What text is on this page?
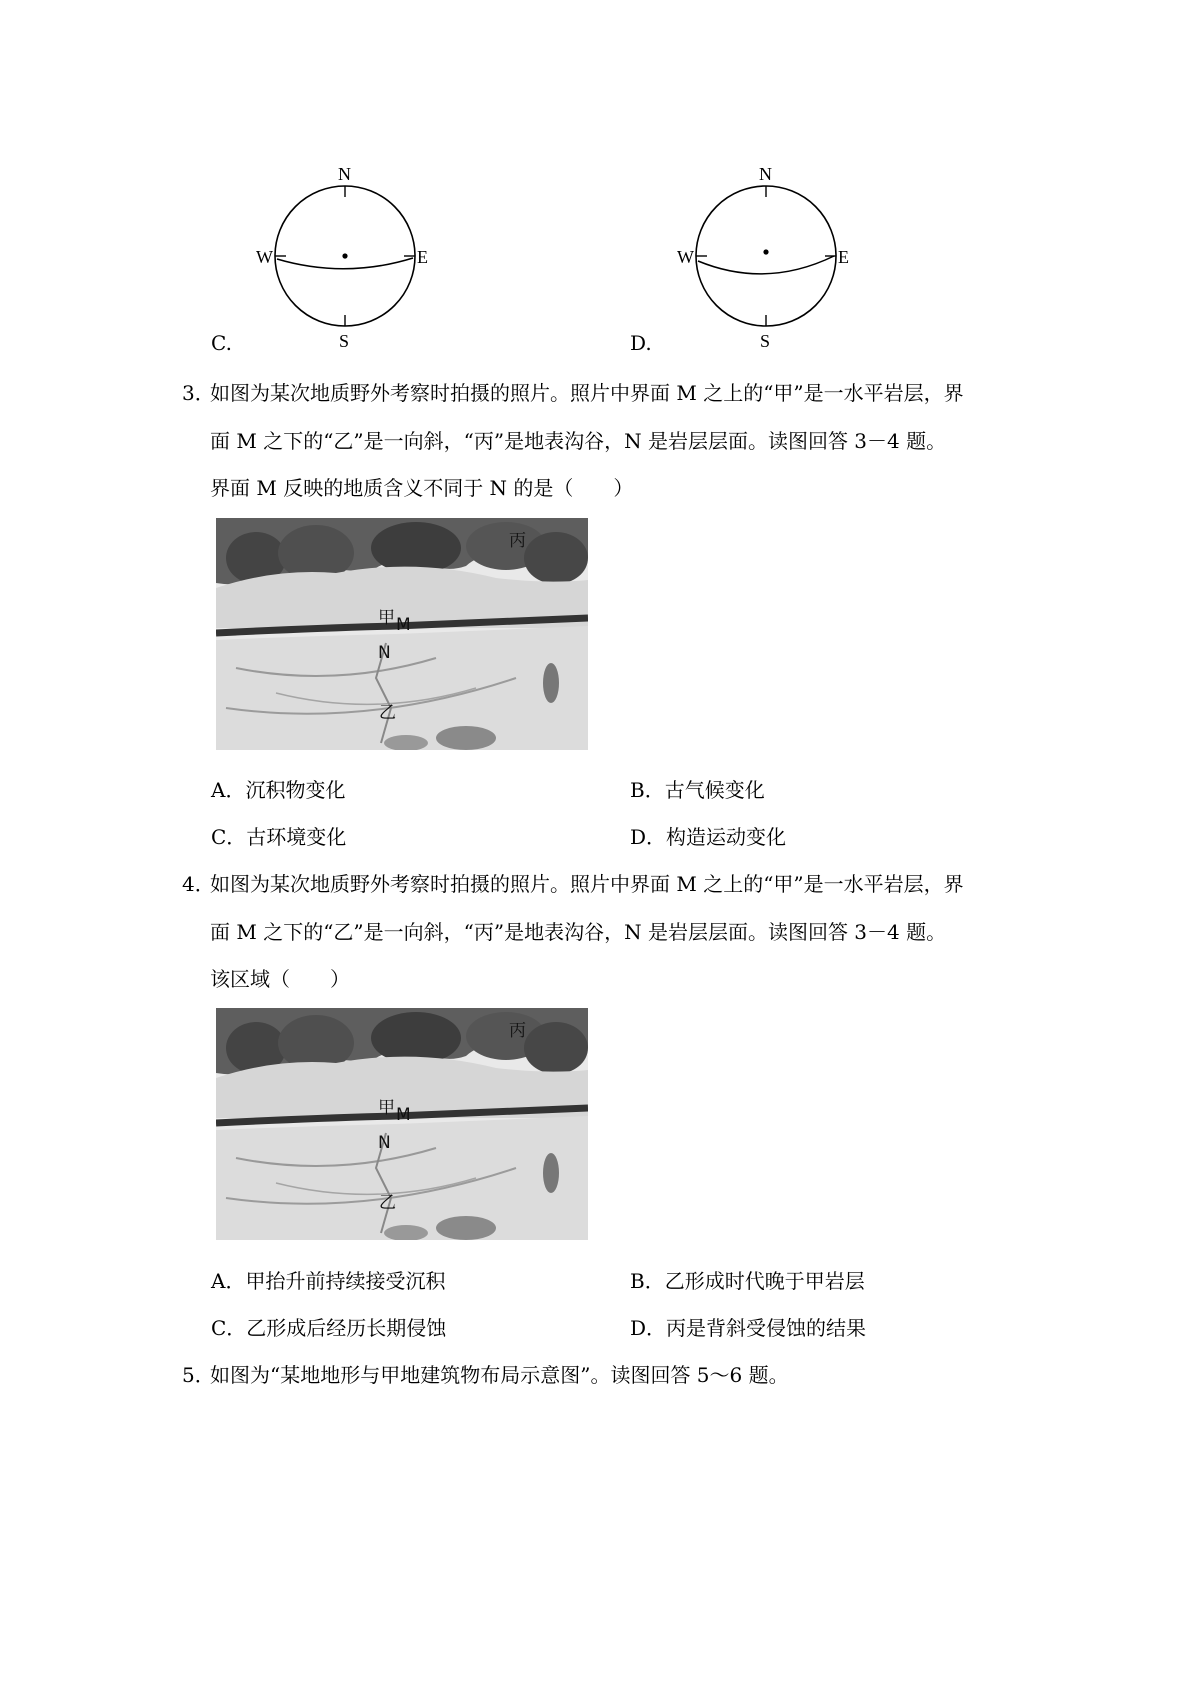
N
S
W	E
C.
N
S
W	E
D.
3．
如图为某次地质野外考察时拍摄的照片。照片中界面 M 之上的“甲”是一水平岩层，界
面 M 之下的“乙”是一向斜，“丙”是地表沟谷，N 是岩层层面。读图回答 3－4 题。
界面 M 反映的地质含义不同于 N 的是（　　）
丙
甲 M
N
乙
A．沉积物变化	B．古气候变化
C．古环境变化	D．构造运动变化
4．
如图为某次地质野外考察时拍摄的照片。照片中界面 M 之上的“甲”是一水平岩层，界
面 M 之下的“乙”是一向斜，“丙”是地表沟谷，N 是岩层层面。读图回答 3－4 题。
该区域（　　）
丙
甲 M
N
乙
A．甲抬升前持续接受沉积	B．乙形成时代晚于甲岩层
C．乙形成后经历长期侵蚀	D．丙是背斜受侵蚀的结果
5．
如图为“某地地形与甲地建筑物布局示意图”。读图回答 5～6 题。
